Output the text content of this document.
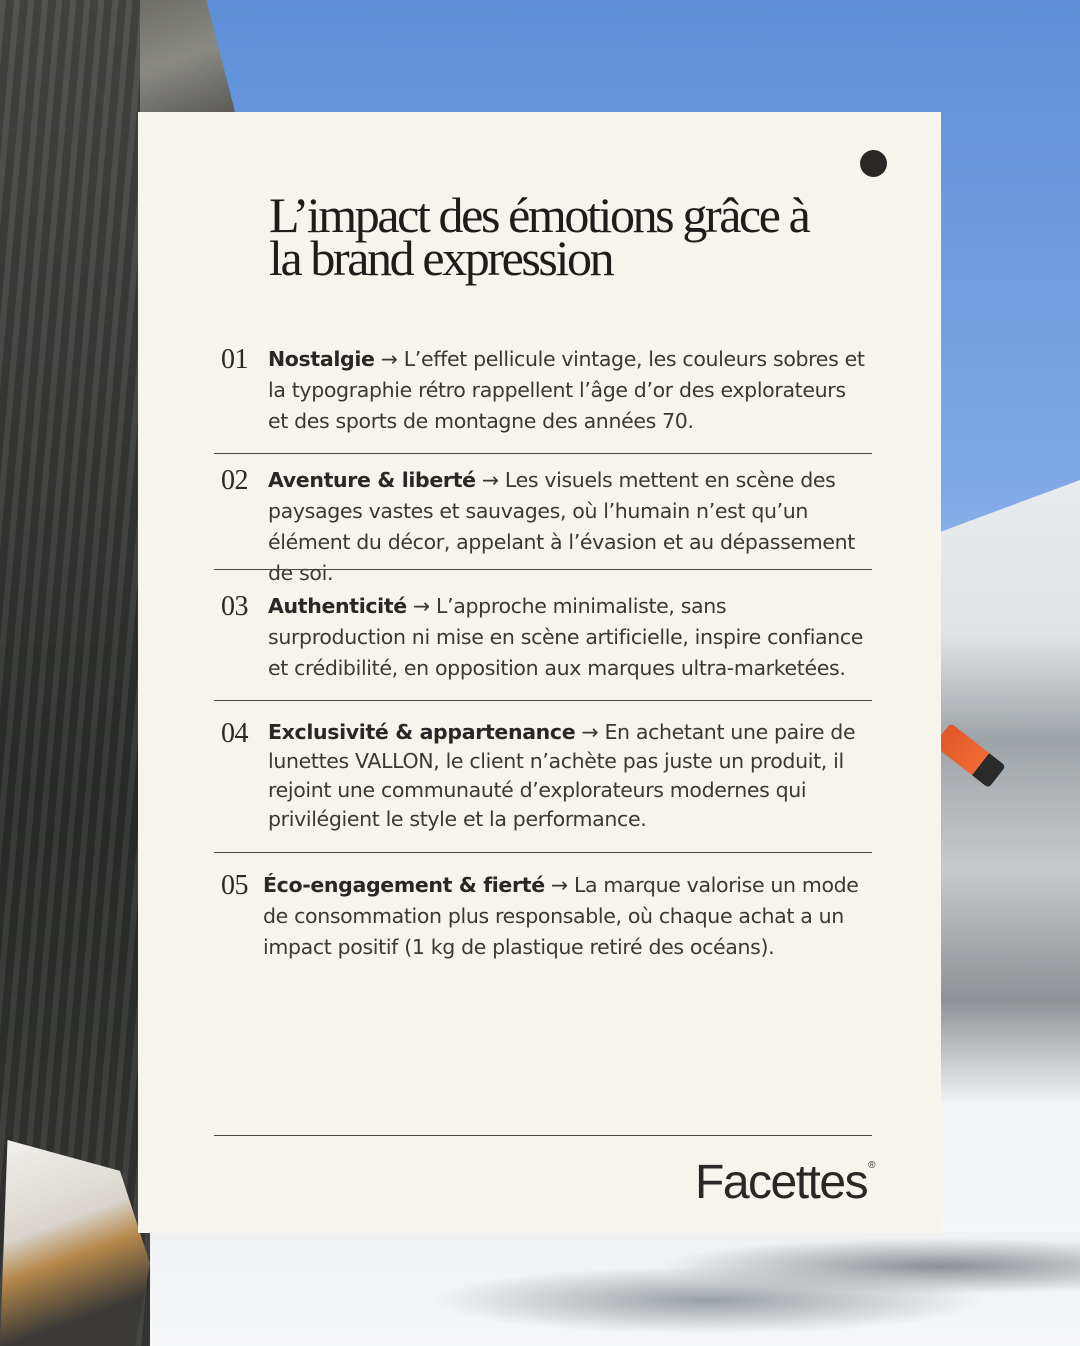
L’impact des émotions grâce à la brand expression
01 Nostalgie → L’effet pellicule vintage, les couleurs sobres et la typographie rétro rappellent l’âge d’or des explorateurs et des sports de montagne des années 70.
02 Aventure & liberté → Les visuels mettent en scène des paysages vastes et sauvages, où l’humain n’est qu’un élément du décor, appelant à l’évasion et au dépassement de soi.
03 Authenticité → L’approche minimaliste, sans surproduction ni mise en scène artificielle, inspire confiance et crédibilité, en opposition aux marques ultra-marketées.
04 Exclusivité & appartenance → En achetant une paire de lunettes VALLON, le client n’achète pas juste un produit, il rejoint une communauté d’explorateurs modernes qui privilégient le style et la performance.
05 Éco-engagement & fierté → La marque valorise un mode de consommation plus responsable, où chaque achat a un impact positif (1 kg de plastique retiré des océans).
Facettes®
